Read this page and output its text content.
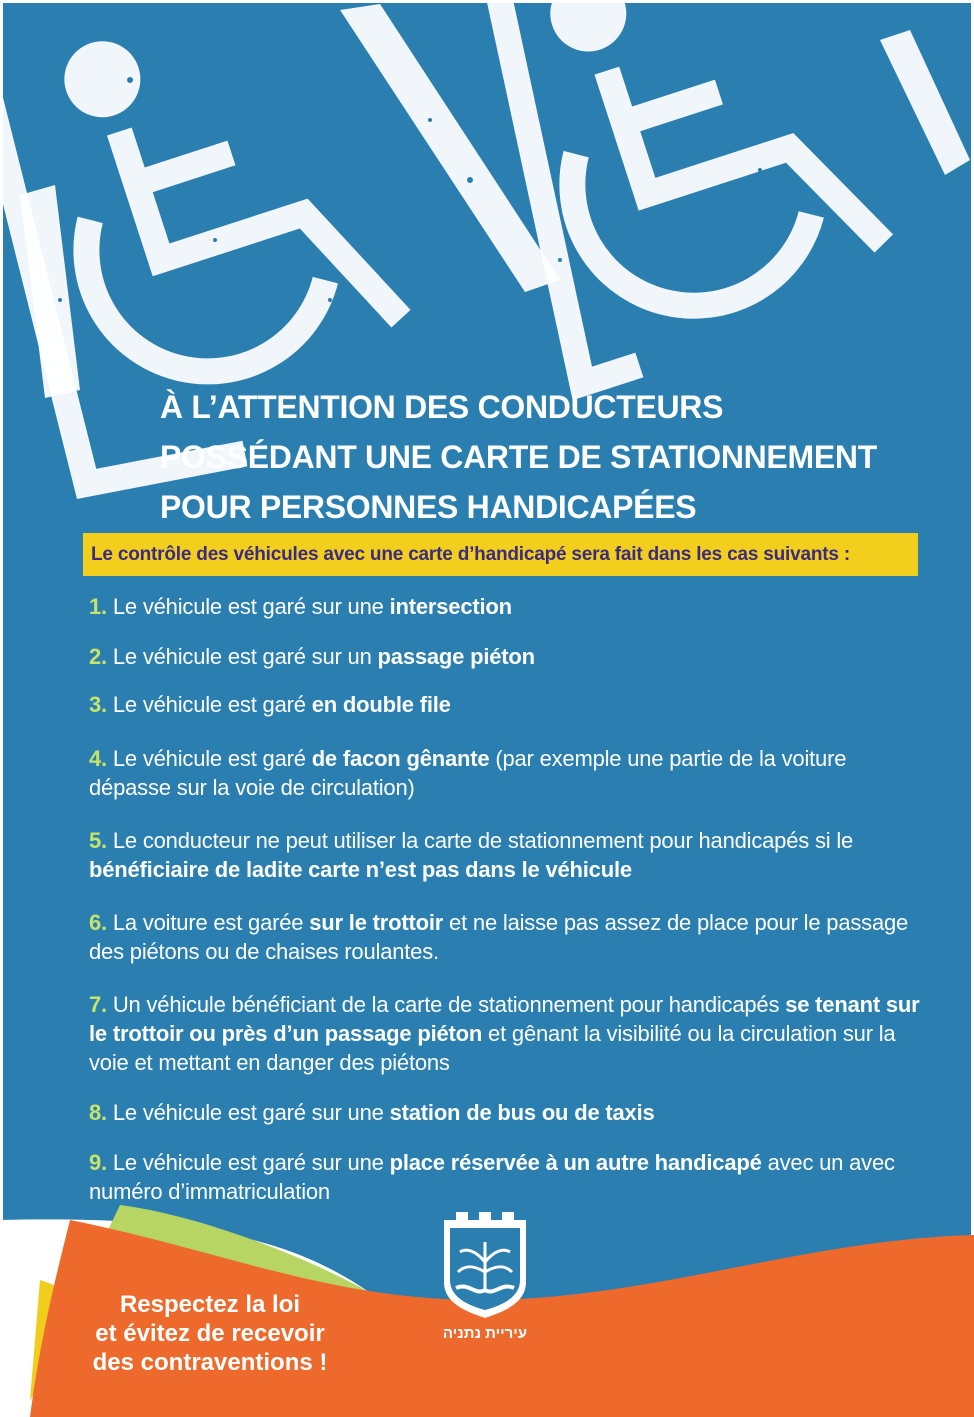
À L’ATTENTION DES CONDUCTEURS
POSSÉDANT UNE CARTE DE STATIONNEMENT
POUR PERSONNES HANDICAPÉES
Le contrôle des véhicules avec une carte d’handicapé sera fait dans les cas suivants :
1. Le véhicule est garé sur une intersection
2. Le véhicule est garé sur un passage piéton
3. Le véhicule est garé en double file
4. Le véhicule est garé de facon gênante (par exemple une partie de la voiture dépasse sur la voie de circulation)
5. Le conducteur ne peut utiliser la carte de stationnement pour handicapés si le bénéficiaire de ladite carte n’est pas dans le véhicule
6. La voiture est garée sur le trottoir et ne laisse pas assez de place pour le passage des piétons ou de chaises roulantes.
7. Un véhicule bénéficiant de la carte de stationnement pour handicapés se tenant sur le trottoir ou près d’un passage piéton et gênant la visibilité ou la circulation sur la voie et mettant en danger des piétons
8. Le véhicule est garé sur une station de bus ou de taxis
9. Le véhicule est garé sur une place réservée à un autre handicapé avec un avec numéro d’immatriculation
Respectez la loi
et évitez de recevoir
des contraventions !
עיריית נתניה
